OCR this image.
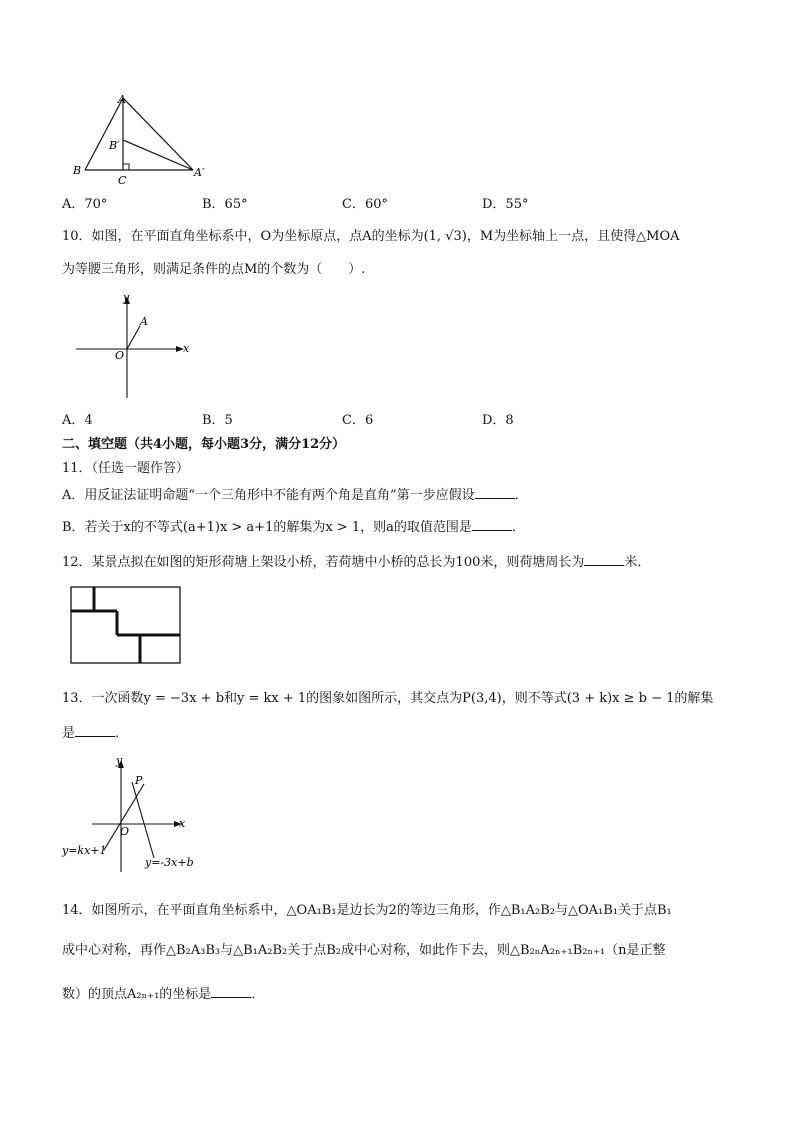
A
B′
B
C
A′
A．70°	B．65°	C．60°	D．55°
10．如图，在平面直角坐标系中，O为坐标原点，点A的坐标为(1, √3)，M为坐标轴上一点，且使得△MOA
为等腰三角形，则满足条件的点M的个数为（　　）.
x
y
O
A
A．4	B．5	C．6	D．8
二、填空题（共4小题，每小题3分，满分12分）
11．（任选一题作答）
A．用反证法证明命题“一个三角形中不能有两个角是直角”第一步应假设	．
B．若关于x的不等式(a+1)x > a+1的解集为x > 1，则a的取值范围是	．
12．某景点拟在如图的矩形荷塘上架设小桥，若荷塘中小桥的总长为100米，则荷塘周长为	米．
13．一次函数y = −3x + b和y = kx + 1的图象如图所示，其交点为P(3,4)，则不等式(3 + k)x ≥ b − 1的解集
是	．
x
y
O
P
y=kx+1
y=-3x+b
14．如图所示，在平面直角坐标系中，△OA₁B₁是边长为2的等边三角形，作△B₁A₂B₂与△OA₁B₁关于点B₁
成中心对称，再作△B₂A₃B₃与△B₁A₂B₂关于点B₂成中心对称，如此作下去，则△B₂ₙA₂ₙ₊₁B₂ₙ₊₁（n是正整
数）的顶点A₂ₙ₊₁的坐标是	．
